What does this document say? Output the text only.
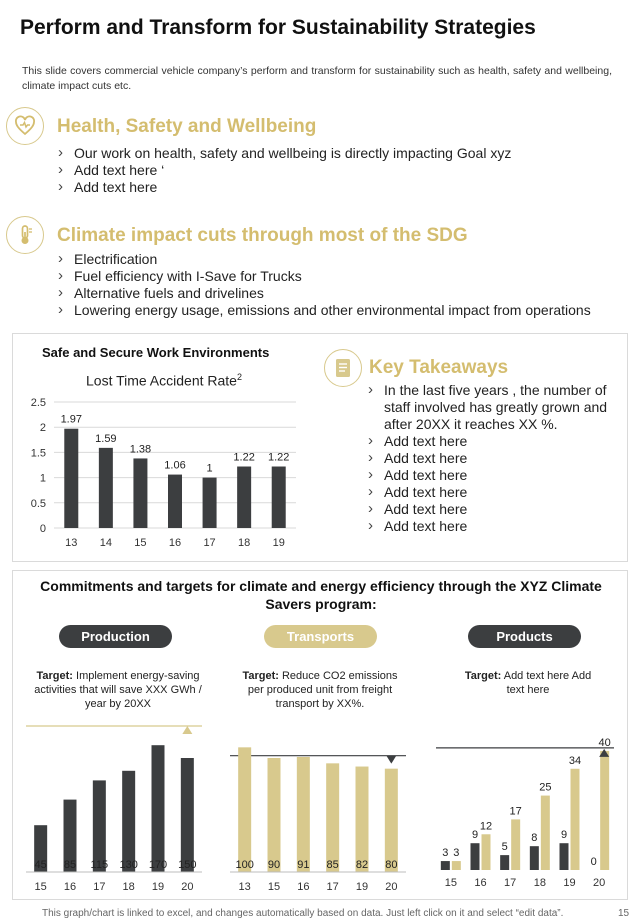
Perform and Transform for Sustainability Strategies
This slide covers commercial vehicle company’s perform and transform for sustainability such as health, safety and wellbeing, climate impact cuts etc.
Health, Safety and Wellbeing
› Our work on health, safety and wellbeing is directly impacting Goal xyz
› Add text here ‘
› Add text here
Climate impact cuts through most of the SDG
› Electrification
› Fuel efficiency with I-Save for Trucks
› Alternative fuels and drivelines
› Lowering energy usage, emissions and other environmental impact from operations
Safe and Secure Work Environments
Lost Time Accident Rate$^2$
0
0.5
1
1.5
2
2.5
1.97
13
1.59
14
1.38
15
1.06
16
1
17
1.22
18
1.22
19
Key Takeaways
› In the last five years , the number of staff involved has greatly grown and after 20XX it reaches XX %.
› Add text here
› Add text here
› Add text here
› Add text here
› Add text here
› Add text here
Commitments and targets for climate and energy efficiency through the XYZ Climate Savers program:
Production	Transports	Products
Target: Implement energy-saving activities that will save XXX GWh / year by 20XX
Target: Reduce CO2 emissions per produced unit from freight transport by XX%.
Target: Add text here Add text here
45
15
85
16
115
17
130
18
170
19
150
20
100
13
90
15
91
16
85
17
82
19
80
20
3 3
15
9
12
16
5
17
17
8
25
18
9
34
19
0
40
20
This graph/chart is linked to excel, and changes automatically based on data. Just left click on it and select “edit data”.	15
